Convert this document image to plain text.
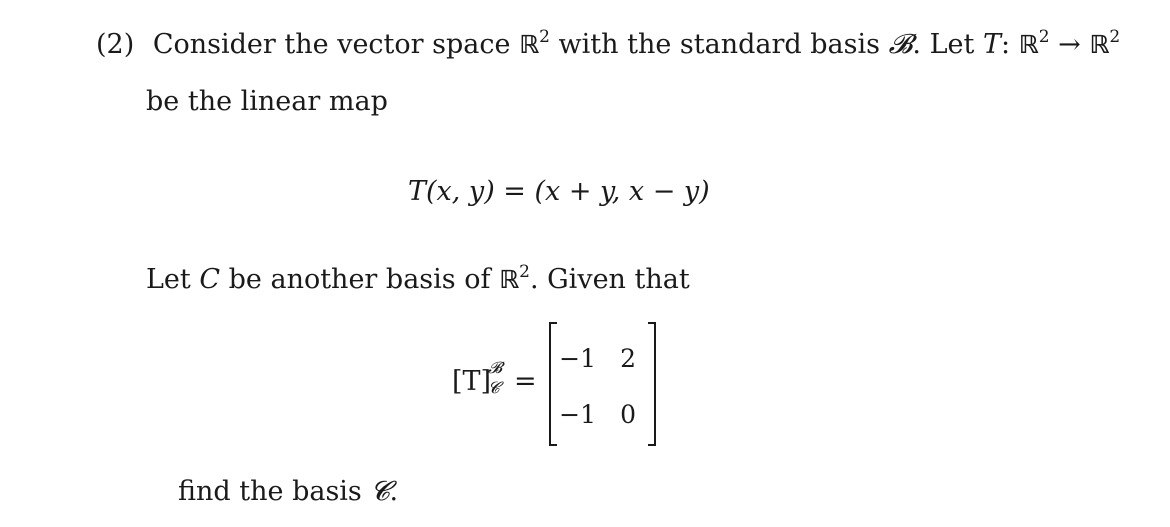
(2) Consider the vector space ℝ$^2$ with the standard basis 𝓑. Let T: ℝ$^2$ → ℝ$^2$
be the linear map
T(x, y) = (x + y, x − y)
Let C be another basis of ℝ$^2$. Given that
[T]
𝓑
𝓒 =
−1 2
−1 0
find the basis 𝓒.
